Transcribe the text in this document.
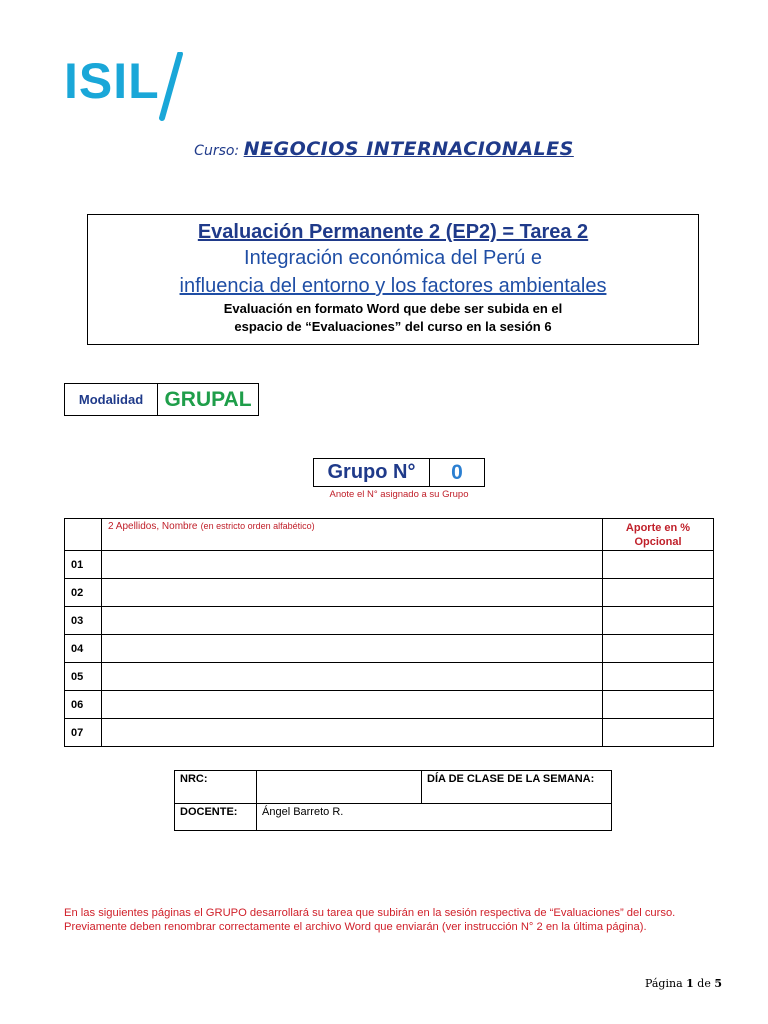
ISIL
Curso: NEGOCIOS INTERNACIONALES
Evaluación Permanente 2 (EP2) = Tarea 2
Integración económica del Perú e
influencia del entorno y los factores ambientales
Evaluación en formato Word que debe ser subida en el
espacio de “Evaluaciones” del curso en la sesión 6
Modalidad	GRUPAL
Grupo N°	0
Anote el N° asignado a su Grupo
	2 Apellidos, Nombre (en estricto orden alfabético)	Aporte en %
Opcional
01		
02		
03		
04		
05		
06		
07		
NRC:		DÍA DE CLASE DE LA SEMANA:
DOCENTE:	Ángel Barreto R.	
En las siguientes páginas el GRUPO desarrollará su tarea que subirán en la sesión respectiva de “Evaluaciones” del curso.
Previamente deben renombrar correctamente el archivo Word que enviarán (ver instrucción N° 2 en la última página).
Página 1 de 5
